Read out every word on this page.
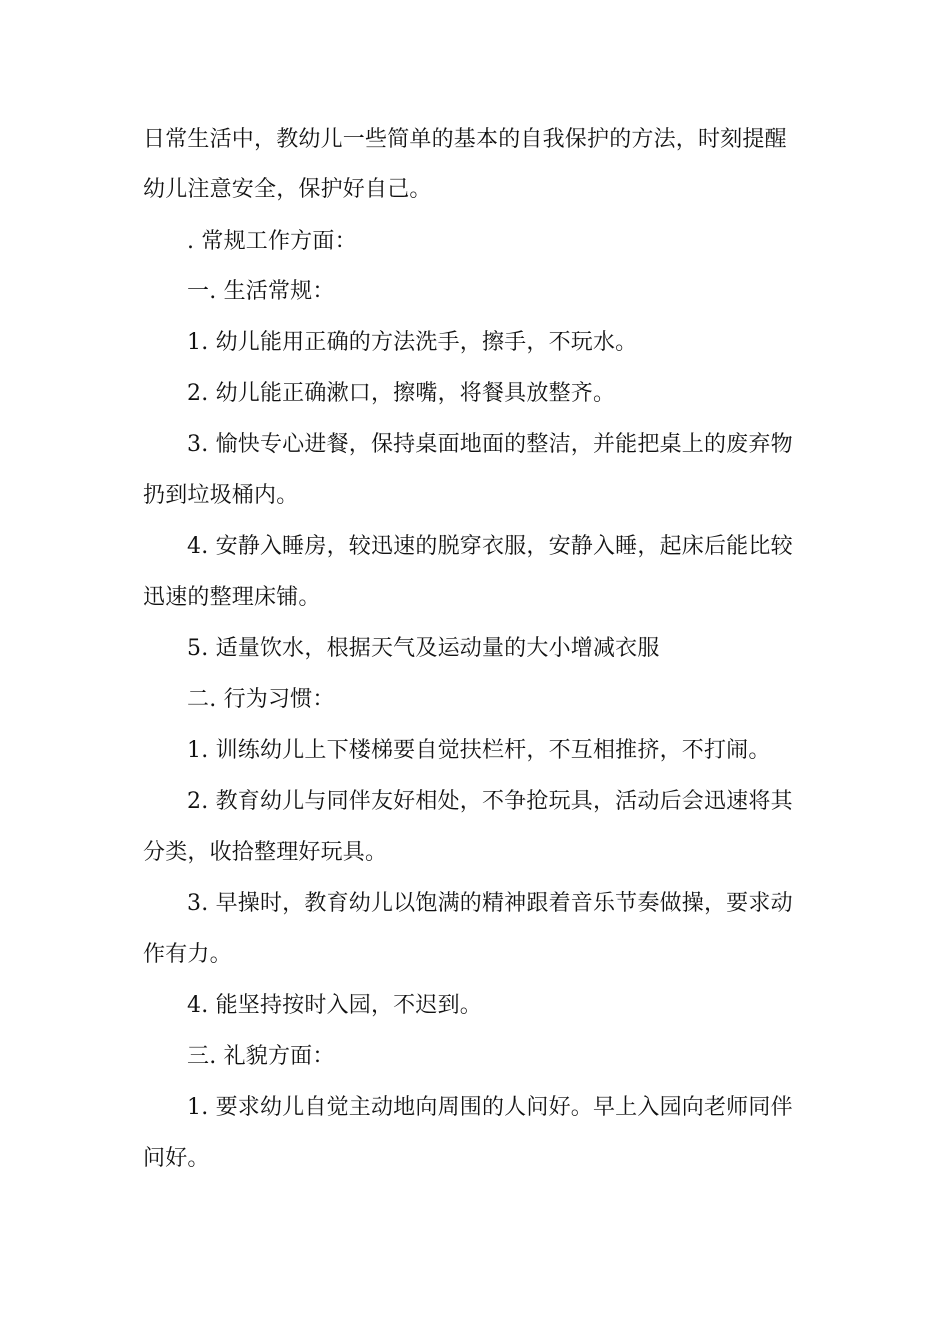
日常生活中，教幼儿一些简单的基本的自我保护的方法，时刻提醒
幼儿注意安全，保护好自己。
. 常规工作方面：
一. 生活常规：
1. 幼儿能用正确的方法洗手，擦手，不玩水。
2. 幼儿能正确漱口，擦嘴，将餐具放整齐。
3. 愉快专心进餐，保持桌面地面的整洁，并能把桌上的废弃物
扔到垃圾桶内。
4. 安静入睡房，较迅速的脱穿衣服，安静入睡，起床后能比较
迅速的整理床铺。
5. 适量饮水，根据天气及运动量的大小增减衣服
二. 行为习惯：
1. 训练幼儿上下楼梯要自觉扶栏杆，不互相推挤，不打闹。
2. 教育幼儿与同伴友好相处，不争抢玩具，活动后会迅速将其
分类，收拾整理好玩具。
3. 早操时，教育幼儿以饱满的精神跟着音乐节奏做操，要求动
作有力。
4. 能坚持按时入园，不迟到。
三. 礼貌方面：
1. 要求幼儿自觉主动地向周围的人问好。早上入园向老师同伴
问好。
